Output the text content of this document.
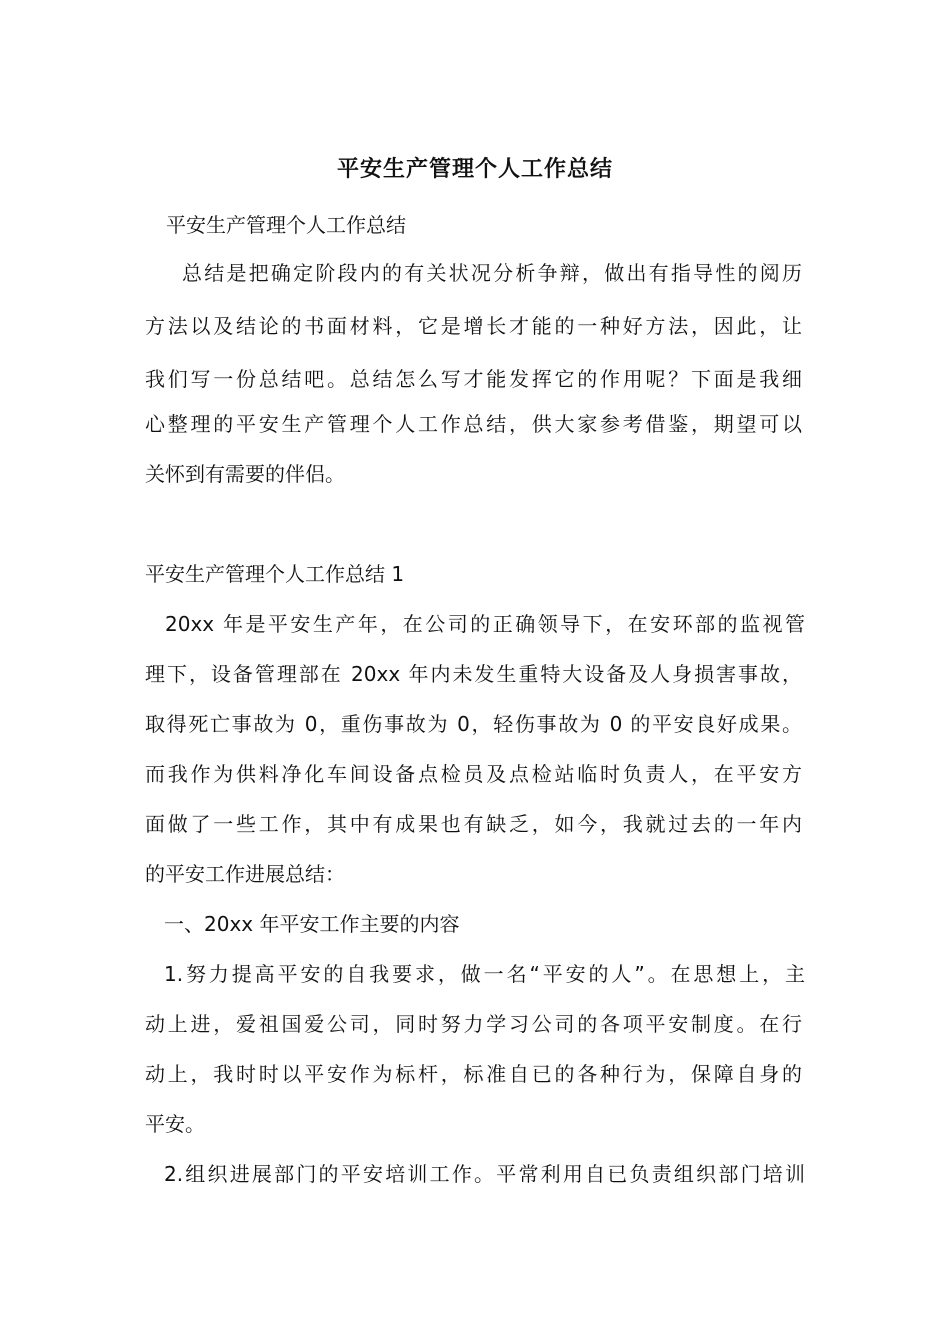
平安生产管理个人工作总结
平安生产管理个人工作总结
总结是把确定阶段内的有关状况分析争辩，做出有指导性的阅历
方法以及结论的书面材料，它是增长才能的一种好方法，因此，让
我们写一份总结吧。总结怎么写才能发挥它的作用呢？下面是我细
心整理的平安生产管理个人工作总结，供大家参考借鉴，期望可以
关怀到有需要的伴侣。
平安生产管理个人工作总结 1
20xx 年是平安生产年，在公司的正确领导下，在安环部的监视管
理下，设备管理部在 20xx 年内未发生重特大设备及人身损害事故，
取得死亡事故为 0，重伤事故为 0，轻伤事故为 0 的平安良好成果。
而我作为供料净化车间设备点检员及点检站临时负责人，在平安方
面做了一些工作，其中有成果也有缺乏，如今，我就过去的一年内
的平安工作进展总结：
一、20xx 年平安工作主要的内容
1.努力提高平安的自我要求，做一名“平安的人”。在思想上，主
动上进，爱祖国爱公司，同时努力学习公司的各项平安制度。在行
动上，我时时以平安作为标杆，标准自已的各种行为，保障自身的
平安。
2.组织进展部门的平安培训工作。平常利用自已负责组织部门培训
